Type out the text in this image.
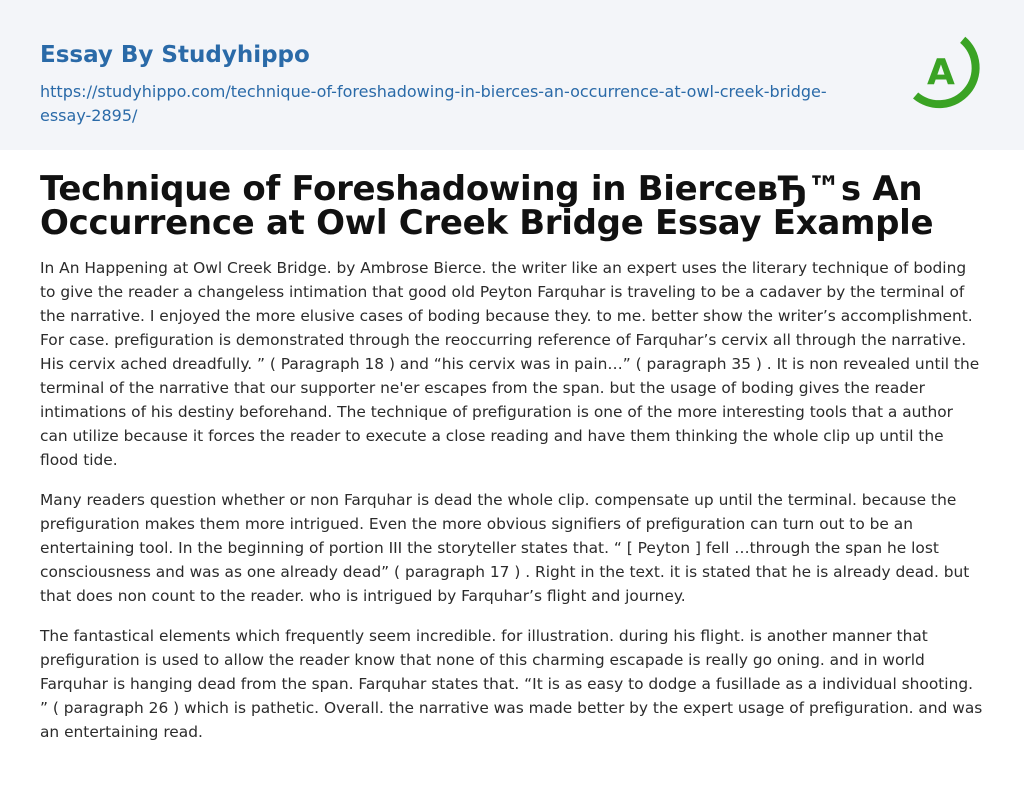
Essay By Studyhippo
https://studyhippo.com/technique-of-foreshadowing-in-bierces-an-occurrence-at-owl-creek-bridge-essay-2895/
A
Technique of Foreshadowing in BierceвЂ™s An Occurrence at Owl Creek Bridge Essay Example

In An Happening at Owl Creek Bridge. by Ambrose Bierce. the writer like an expert uses the literary technique of boding to give the reader a changeless intimation that good old Peyton Farquhar is traveling to be a cadaver by the terminal of the narrative. I enjoyed the more elusive cases of boding because they. to me. better show the writer’s accomplishment. For case. prefiguration is demonstrated through the reoccurring reference of Farquhar’s cervix all through the narrative. His cervix ached dreadfully. ” ( Paragraph 18 ) and “his cervix was in pain…” ( paragraph 35 ) . It is non revealed until the terminal of the narrative that our supporter ne'er escapes from the span. but the usage of boding gives the reader intimations of his destiny beforehand. The technique of prefiguration is one of the more interesting tools that a author can utilize because it forces the reader to execute a close reading and have them thinking the whole clip up until the flood tide.

Many readers question whether or non Farquhar is dead the whole clip. compensate up until the terminal. because the prefiguration makes them more intrigued. Even the more obvious signifiers of prefiguration can turn out to be an entertaining tool. In the beginning of portion III the storyteller states that. “ [ Peyton ] fell …through the span he lost consciousness and was as one already dead” ( paragraph 17 ) . Right in the text. it is stated that he is already dead. but that does non count to the reader. who is intrigued by Farquhar’s flight and journey.

The fantastical elements which frequently seem incredible. for illustration. during his flight. is another manner that prefiguration is used to allow the reader know that none of this charming escapade is really go oning. and in world Farquhar is hanging dead from the span. Farquhar states that. “It is as easy to dodge a fusillade as a individual shooting. ” ( paragraph 26 ) which is pathetic. Overall. the narrative was made better by the expert usage of prefiguration. and was an entertaining read.
